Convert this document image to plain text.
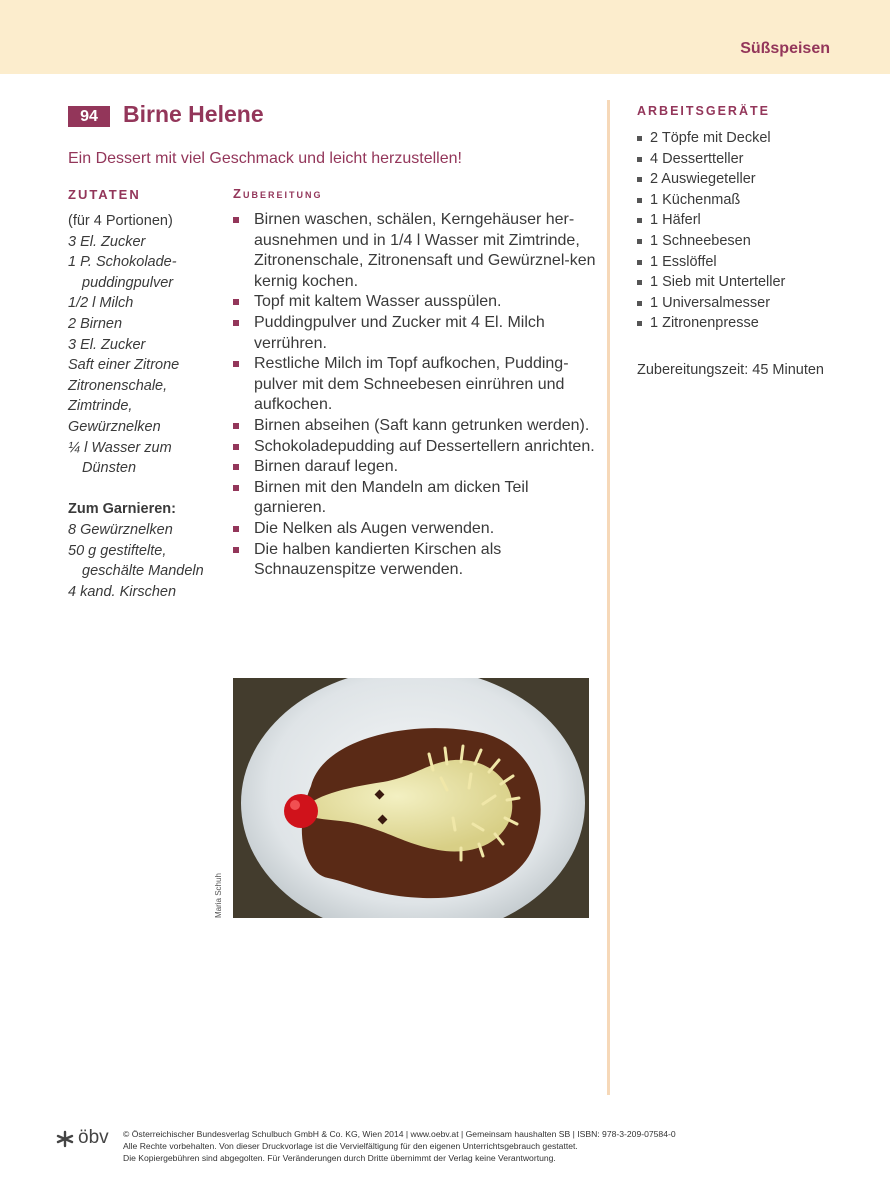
Süßspeisen
94	Birne Helene
Ein Dessert mit viel Geschmack und leicht herzustellen!
ZUTATEN	Zubereitung
(für 4 Portionen)
3 El. Zucker
1 P. Schokolade-
puddingpulver
1/2 l Milch
2 Birnen
3 El. Zucker
Saft einer Zitrone
Zitronenschale,
Zimtrinde,
Gewürznelken
¼ l Wasser zum
Dünsten
Zum Garnieren:
8 Gewürznelken
50 g gestiftelte,
geschälte Mandeln
4 kand. Kirschen
Birnen waschen, schälen, Kerngehäuser her-ausnehmen und in 1/4 l Wasser mit Zimtrinde, Zitronenschale, Zitronensaft und Gewürznel-ken kernig kochen.
Topf mit kaltem Wasser ausspülen.
Puddingpulver und Zucker mit 4 El. Milch verrühren.
Restliche Milch im Topf aufkochen, Pudding-pulver mit dem Schneebesen einrühren und aufkochen.
Birnen abseihen (Saft kann getrunken werden).
Schokoladepudding auf Dessertellern anrichten.
Birnen darauf legen.
Birnen mit den Mandeln am dicken Teil garnieren.
Die Nelken als Augen verwenden.
Die halben kandierten Kirschen als Schnauzenspitze verwenden.
Maria Schuh
ARBEITSGERÄTE
2 Töpfe mit Deckel
4 Dessertteller
2 Auswiegeteller
1 Küchenmaß
1 Häferl
1 Schneebesen
1 Esslöffel
1 Sieb mit Unterteller
1 Universalmesser
1 Zitronenpresse
Zubereitungszeit: 45 Minuten
öbv © Österreichischer Bundesverlag Schulbuch GmbH & Co. KG, Wien 2014 | www.oebv.at | Gemeinsam haushalten SB | ISBN: 978-3-209-07584-0
Alle Rechte vorbehalten. Von dieser Druckvorlage ist die Vervielfältigung für den eigenen Unterrichtsgebrauch gestattet.
Die Kopiergebühren sind abgegolten. Für Veränderungen durch Dritte übernimmt der Verlag keine Verantwortung.
